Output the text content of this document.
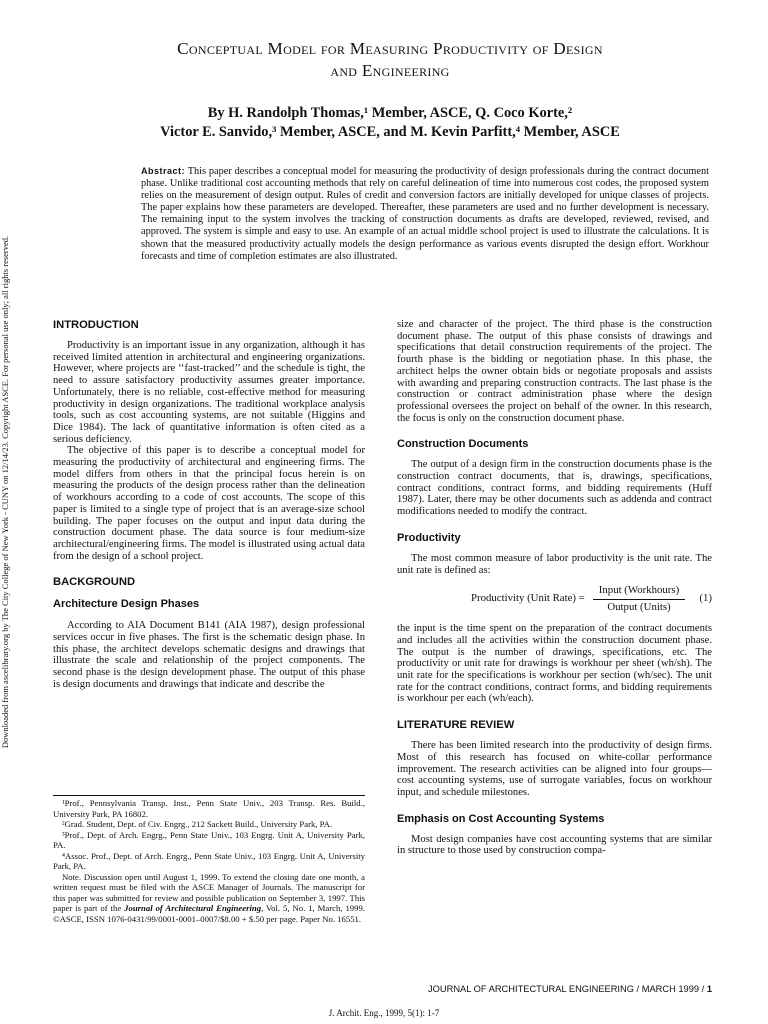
Downloaded from ascelibrary.org by The City College of New York - CUNY on 12/14/23. Copyright ASCE. For personal use only; all rights reserved.
Conceptual Model for Measuring Productivity of Design
and Engineering
By H. Randolph Thomas,¹ Member, ASCE, Q. Coco Korte,²
Victor E. Sanvido,³ Member, ASCE, and M. Kevin Parfitt,⁴ Member, ASCE
Abstract: This paper describes a conceptual model for measuring the productivity of design professionals during the contract document phase. Unlike traditional cost accounting methods that rely on careful delineation of time into numerous cost codes, the proposed system relies on the measurement of design output. Rules of credit and conversion factors are initially developed for unique classes of projects. The paper explains how these parameters are developed. Thereafter, these parameters are used and no further development is necessary. The remaining input to the system involves the tracking of construction documents as drafts are developed, reviewed, revised, and approved. The system is simple and easy to use. An example of an actual middle school project is used to illustrate the calculations. It is shown that the measured productivity actually models the design performance as various events disrupted the design effort. Workhour forecasts and time of completion estimates are also illustrated.
INTRODUCTION

Productivity is an important issue in any organization, although it has received limited attention in architectural and engineering organizations. However, where projects are ‘‘fast-tracked’’ and the schedule is tight, the need to assure satisfactory productivity assumes greater importance. Unfortunately, there is no reliable, cost-effective method for measuring productivity in design organizations. The traditional workplace analysis tools, such as cost accounting systems, are not suitable (Higgins and Dice 1984). The lack of quantitative information is often cited as a serious deficiency.

The objective of this paper is to describe a conceptual model for measuring the productivity of architectural and engineering firms. The model differs from others in that the principal focus herein is on measuring the products of the design process rather than the delineation of workhours according to a code of cost accounts. The scope of this paper is limited to a single type of project that is an average-size school building. The paper focuses on the output and input data during the construction document phase. The data source is four medium-size architectural/engineering firms. The model is illustrated using actual data from the design of a school project.

BACKGROUND
Architecture Design Phases

According to AIA Document B141 (AIA 1987), design professional services occur in five phases. The first is the schematic design phase. In this phase, the architect develops schematic designs and drawings that illustrate the scale and relationship of the project components. The second phase is the design development phase. The output of this phase is design documents and drawings that indicate and describe the

size and character of the project. The third phase is the construction document phase. The output of this phase consists of drawings and specifications that detail construction requirements of the project. The fourth phase is the bidding or negotiation phase. In this phase, the architect helps the owner obtain bids or negotiate proposals and assists with awarding and preparing construction contracts. The last phase is the construction or contract administration phase where the design professional oversees the project on behalf of the owner. In this research, the focus is only on the construction document phase.

Construction Documents

The output of a design firm in the construction documents phase is the construction contract documents, that is, drawings, specifications, contract conditions, contract forms, and bidding requirements (Huff 1987). Later, there may be other documents such as addenda and contract modifications needed to modify the contract.

Productivity

The most common measure of labor productivity is the unit rate. The unit rate is defined as:

Productivity (Unit Rate) =
Input (Workhours)
Output (Units)
(1)

the input is the time spent on the preparation of the contract documents and includes all the activities within the construction document phase. The output is the number of drawings, specifications, etc. The productivity or unit rate for drawings is workhour per sheet (wh/sh). The unit rate for the specifications is workhour per section (wh/sec). The unit rate for the contract conditions, contract forms, and bidding requirements is workhour per each (wh/each).

LITERATURE REVIEW

There has been limited research into the productivity of design firms. Most of this research has focused on white-collar performance improvement. The research activities can be aligned into four groups—cost accounting systems, use of surrogate variables, focus on workhour input, and schedule milestones.

Emphasis on Cost Accounting Systems

Most design companies have cost accounting systems that are similar in structure to those used by construction compa-

¹Prof., Pennsylvania Transp. Inst., Penn State Univ., 203 Transp. Res. Build., University Park, PA 16802.

²Grad. Student, Dept. of Civ. Engrg., 212 Sackett Build., University Park, PA.

³Prof., Dept. of Arch. Engrg., Penn State Univ., 103 Engrg. Unit A, University Park, PA.

⁴Assoc. Prof., Dept. of Arch. Engrg., Penn State Univ., 103 Engrg. Unit A, University Park, PA.

Note. Discussion open until August 1, 1999. To extend the closing date one month, a written request must be filed with the ASCE Manager of Journals. The manuscript for this paper was submitted for review and possible publication on September 3, 1997. This paper is part of the Journal of Architectural Engineering, Vol. 5, No. 1, March, 1999. ©ASCE, ISSN 1076-0431/99/0001-0001–0007/$8.00 + $.50 per page. Paper No. 16551.

JOURNAL OF ARCHITECTURAL ENGINEERING / MARCH 1999 / 1
J. Archit. Eng., 1999, 5(1): 1-7
